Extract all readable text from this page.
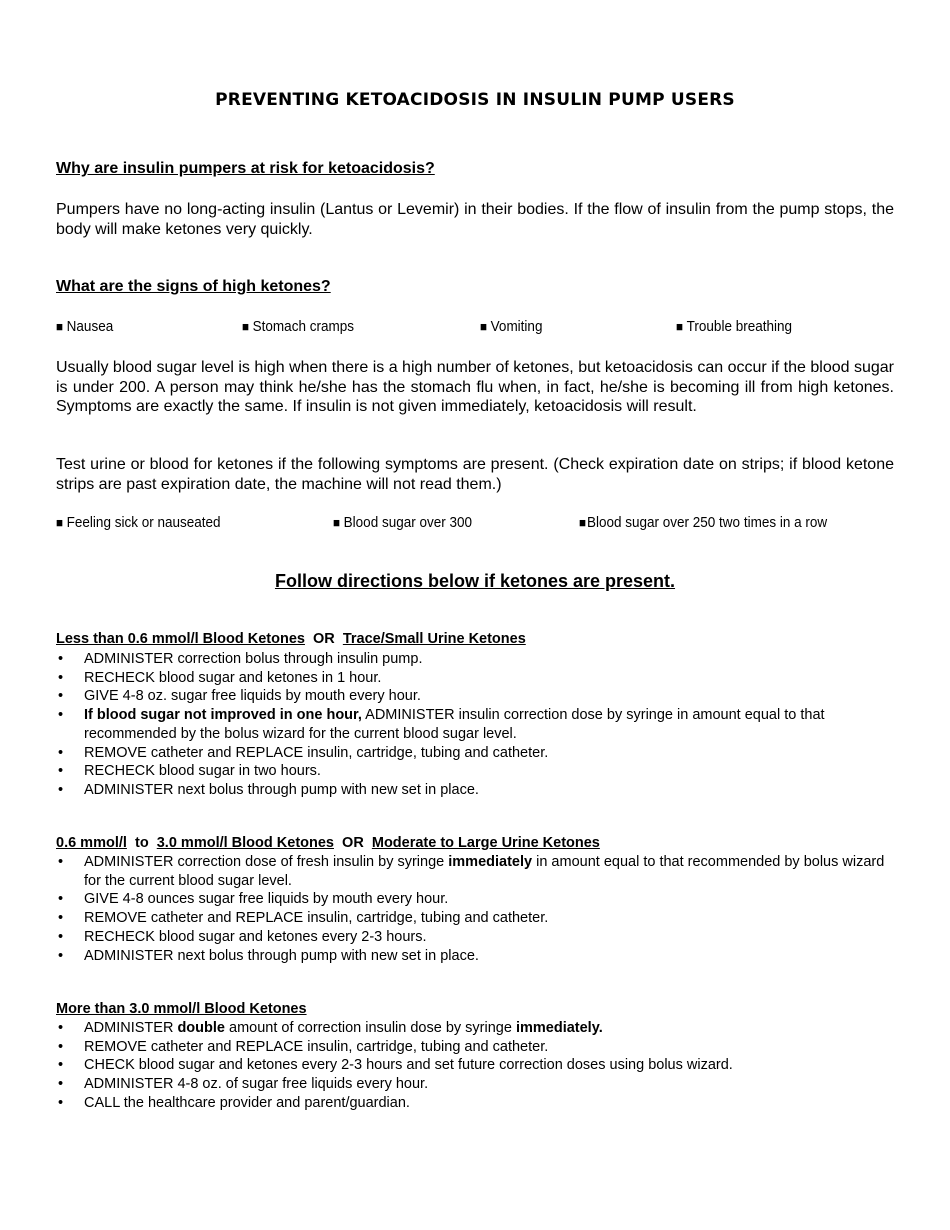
PREVENTING KETOACIDOSIS IN INSULIN PUMP USERS
Why are insulin pumpers at risk for ketoacidosis?
Pumpers have no long-acting insulin (Lantus or Levemir) in their bodies. If the flow of insulin from the pump stops, the body will make ketones very quickly.
What are the signs of high ketones?
■ Nausea	■ Stomach cramps	■ Vomiting	■ Trouble breathing
Usually blood sugar level is high when there is a high number of ketones, but ketoacidosis can occur if the blood sugar is under 200. A person may think he/she has the stomach flu when, in fact, he/she is becoming ill from high ketones. Symptoms are exactly the same. If insulin is not given immediately, ketoacidosis will result.
Test urine or blood for ketones if the following symptoms are present. (Check expiration date on strips; if blood ketone strips are past expiration date, the machine will not read them.)
■ Feeling sick or nauseated	■ Blood sugar over 300	■Blood sugar over 250 two times in a row
Follow directions below if ketones are present.
Less than 0.6 mmol/l Blood Ketones OR Trace/Small Urine Ketones
• ADMINISTER correction bolus through insulin pump.
• RECHECK blood sugar and ketones in 1 hour.
• GIVE 4-8 oz. sugar free liquids by mouth every hour.
• If blood sugar not improved in one hour, ADMINISTER insulin correction dose by syringe in amount equal to that recommended by the bolus wizard for the current blood sugar level.
• REMOVE catheter and REPLACE insulin, cartridge, tubing and catheter.
• RECHECK blood sugar in two hours.
• ADMINISTER next bolus through pump with new set in place.
0.6 mmol/l to 3.0 mmol/l Blood Ketones OR Moderate to Large Urine Ketones
• ADMINISTER correction dose of fresh insulin by syringe immediately in amount equal to that recommended by bolus wizard for the current blood sugar level.
• GIVE 4-8 ounces sugar free liquids by mouth every hour.
• REMOVE catheter and REPLACE insulin, cartridge, tubing and catheter.
• RECHECK blood sugar and ketones every 2-3 hours.
• ADMINISTER next bolus through pump with new set in place.
More than 3.0 mmol/l Blood Ketones
• ADMINISTER double amount of correction insulin dose by syringe immediately.
• REMOVE catheter and REPLACE insulin, cartridge, tubing and catheter.
• CHECK blood sugar and ketones every 2-3 hours and set future correction doses using bolus wizard.
• ADMINISTER 4-8 oz. of sugar free liquids every hour.
• CALL the healthcare provider and parent/guardian.
